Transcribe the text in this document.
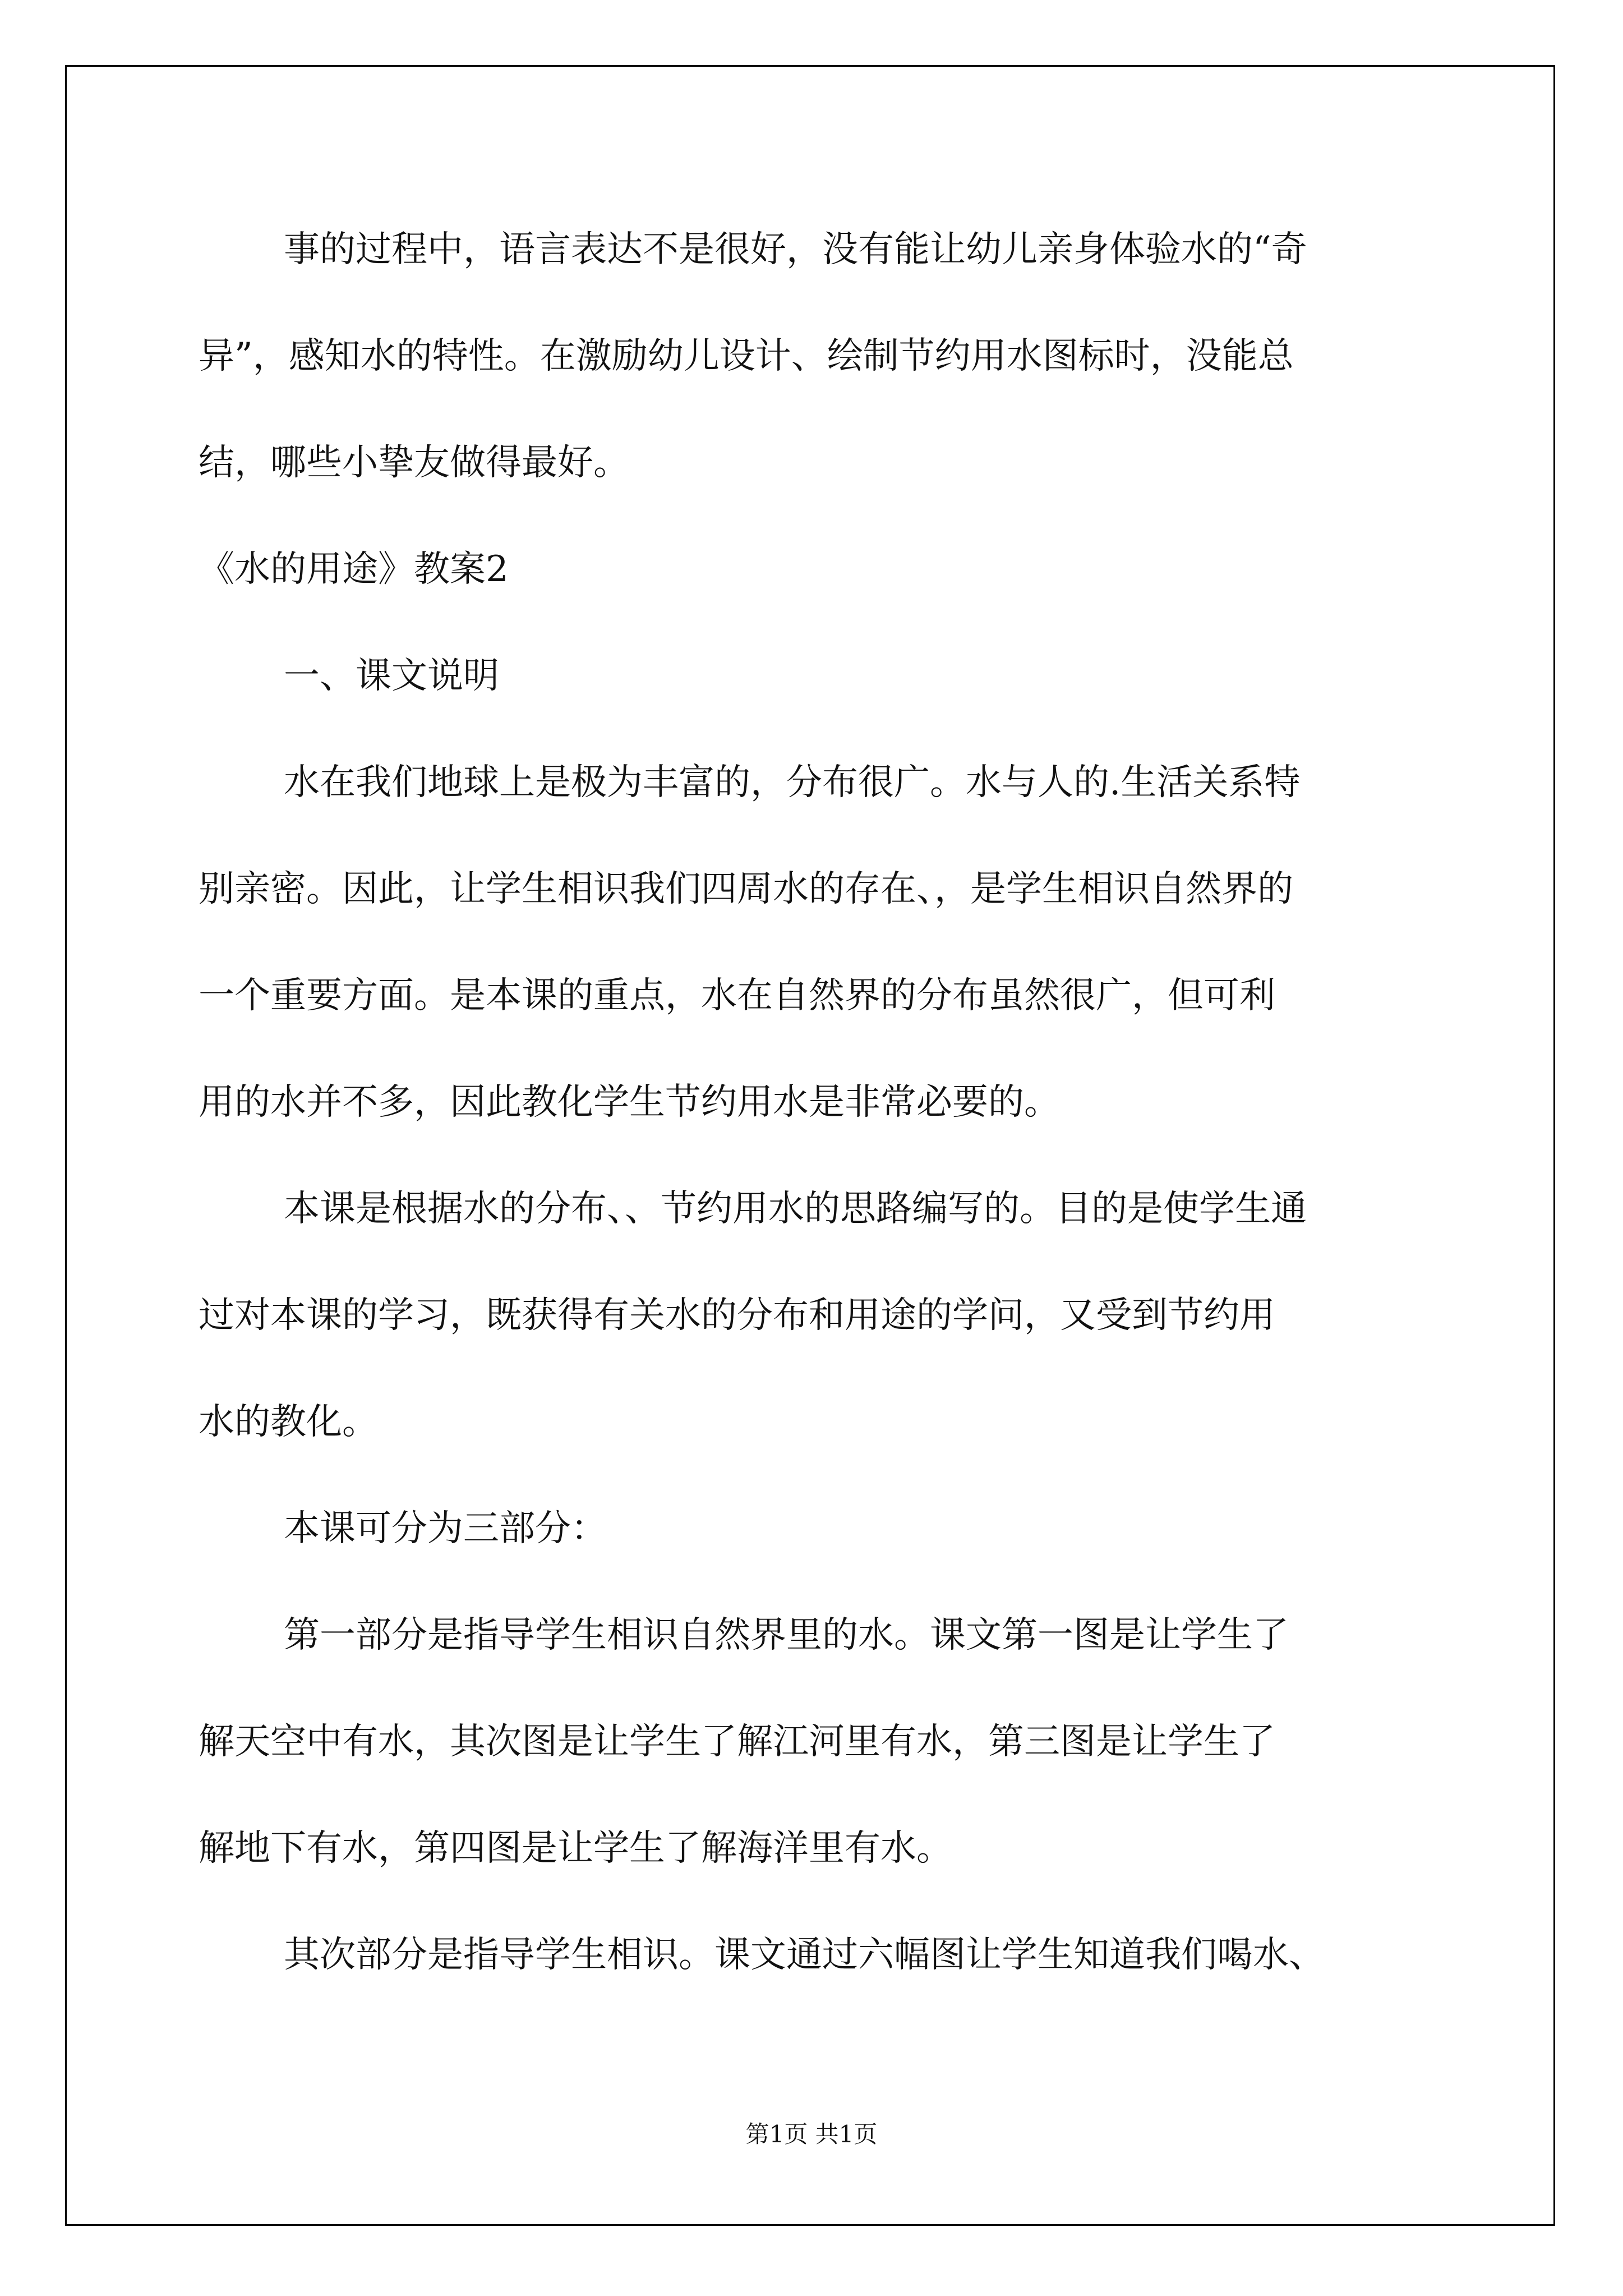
事的过程中，语言表达不是很好，没有能让幼儿亲身体验水的“奇

异”，感知水的特性。在激励幼儿设计、绘制节约用水图标时，没能总

结，哪些小挚友做得最好。

《水的用途》教案2

一、课文说明

水在我们地球上是极为丰富的，分布很广。水与人的.生活关系特

别亲密。因此，让学生相识我们四周水的存在、，是学生相识自然界的

一个重要方面。是本课的重点，水在自然界的分布虽然很广，但可利

用的水并不多，因此教化学生节约用水是非常必要的。

本课是根据水的分布、、节约用水的思路编写的。目的是使学生通

过对本课的学习，既获得有关水的分布和用途的学问，又受到节约用

水的教化。

本课可分为三部分：

第一部分是指导学生相识自然界里的水。课文第一图是让学生了

解天空中有水，其次图是让学生了解江河里有水，第三图是让学生了

解地下有水，第四图是让学生了解海洋里有水。

其次部分是指导学生相识。课文通过六幅图让学生知道我们喝水、

第1页 共1页
